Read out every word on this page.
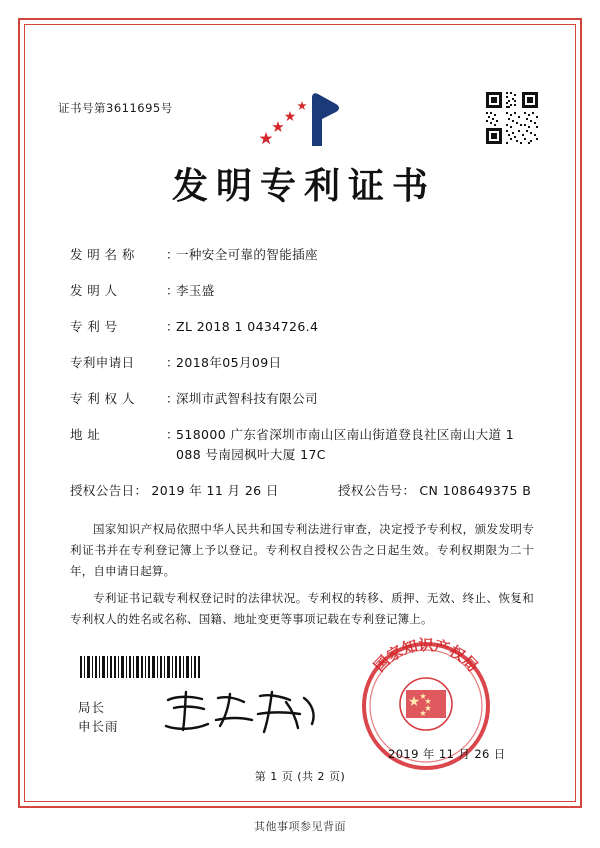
证书号第3611695号
发明专利证书
发 明 名 称	：
一种安全可靠的智能插座
发 明 人	：
李玉盛
专 利 号	：
ZL 2018 1 0434726.4
专利申请日	：
2018年05月09日
专 利 权 人	：
深圳市武智科技有限公司
地 址	：
518000 广东省深圳市南山区南山街道登良社区南山大道 1
088 号南园枫叶大厦 17C
授权公告日： 2019 年 11 月 26 日	授权公告号： CN 108649375 B

国家知识产权局依照中华人民共和国专利法进行审查，决定授予专利权，颁发发明专利证书并在专利登记簿上予以登记。专利权自授权公告之日起生效。专利权期限为二十年，自申请日起算。

专利证书记载专利权登记时的法律状况。专利权的转移、质押、无效、终止、恢复和专利权人的姓名或名称、国籍、地址变更等事项记载在专利登记簿上。

局长
申长雨
国家知识产权局
2019 年 11 月 26 日
第 1 页 (共 2 页)
其他事项参见背面
